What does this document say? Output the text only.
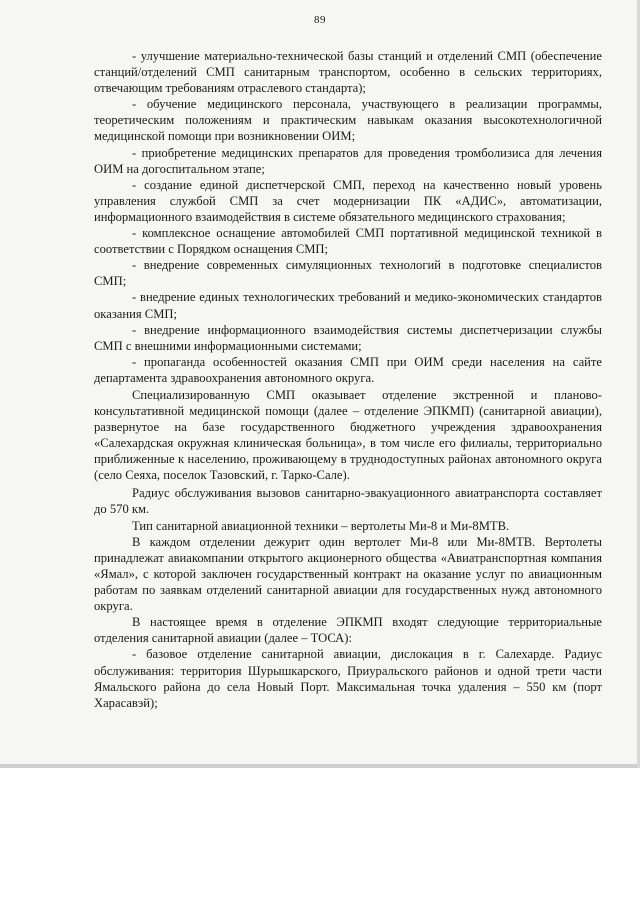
89

- улучшение материально-технической базы станций и отделений СМП (обеспечение станций/отделений СМП санитарным транспортом, особенно в сельских территориях, отвечающим требованиям отраслевого стандарта);

- обучение медицинского персонала, участвующего в реализации программы, теоретическим положениям и практическим навыкам оказания высокотехнологичной медицинской помощи при возникновении ОИМ;

- приобретение медицинских препаратов для проведения тромболизиса для лечения ОИМ на догоспитальном этапе;

- создание единой диспетчерской СМП, переход на качественно новый уровень управления службой СМП за счет модернизации ПК «АДИС», автоматизации, информационного взаимодействия в системе обязательного медицинского страхования;

- комплексное оснащение автомобилей СМП портативной медицинской техникой в соответствии с Порядком оснащения СМП;

- внедрение современных симуляционных технологий в подготовке специалистов СМП;

- внедрение единых технологических требований и медико-экономических стандартов оказания СМП;

- внедрение информационного взаимодействия системы диспетчеризации службы СМП с внешними информационными системами;

- пропаганда особенностей оказания СМП при ОИМ среди населения на сайте департамента здравоохранения автономного округа.

Специализированную СМП оказывает отделение экстренной и планово-консультативной медицинской помощи (далее – отделение ЭПКМП) (санитарной авиации), развернутое на базе государственного бюджетного учреждения здравоохранения «Салехардская окружная клиническая больница», в том числе его филиалы, территориально приближенные к населению, проживающему в труднодоступных районах автономного округа (село Сеяха, поселок Тазовский, г. Тарко-Сале).

Радиус обслуживания вызовов санитарно-эвакуационного авиатранспорта составляет до 570 км.

Тип санитарной авиационной техники – вертолеты Ми-8 и Ми-8МТВ.

В каждом отделении дежурит один вертолет Ми-8 или Ми-8МТВ. Вертолеты принадлежат авиакомпании открытого акционерного общества «Авиатранспортная компания «Ямал», с которой заключен государственный контракт на оказание услуг по авиационным работам по заявкам отделений санитарной авиации для государственных нужд автономного округа.

В настоящее время в отделение ЭПКМП входят следующие территориальные отделения санитарной авиации (далее – ТОСА):

- базовое отделение санитарной авиации, дислокация в г. Салехарде. Радиус обслуживания: территория Шурышкарского, Приуральского районов и одной трети части Ямальского района до села Новый Порт. Максимальная точка удаления – 550 км (порт Харасавэй);
